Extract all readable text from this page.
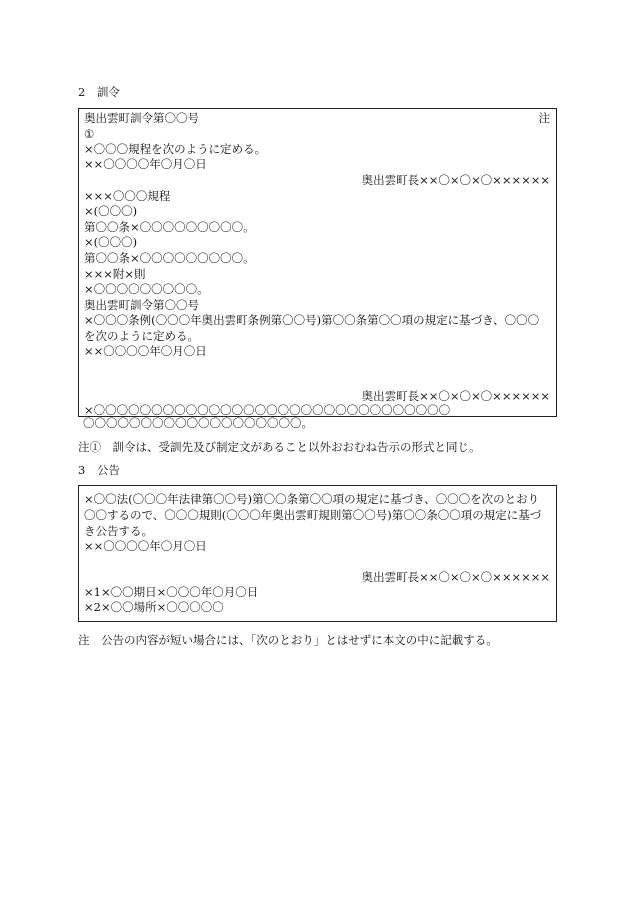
2　訓令
奥出雲町訓令第〇〇号	注
①
×〇〇〇規程を次のように定める。
××〇〇〇〇年〇月〇日
奥出雲町長××〇×〇×〇××××××
×××〇〇〇規程
×(〇〇〇)
第〇〇条×〇〇〇〇〇〇〇〇〇。
×(〇〇〇)
第〇〇条×〇〇〇〇〇〇〇〇〇。
×××附×則
×〇〇〇〇〇〇〇〇〇。
奥出雲町訓令第〇〇号
×〇〇〇条例(〇〇〇年奥出雲町条例第〇〇号)第〇〇条第〇〇項の規定に基づき、〇〇〇
を次のように定める。
××〇〇〇〇年〇月〇日
奥出雲町長××〇×〇×〇××××××
×〇〇〇〇〇〇〇〇〇〇〇〇〇〇〇〇〇〇〇〇〇〇〇〇〇〇〇〇〇〇〇
〇〇〇〇〇〇〇〇〇〇〇〇〇〇〇〇〇〇〇。
注①　訓令は、受訓先及び制定文があること以外おおむね告示の形式と同じ。
3　公告
×〇〇法(〇〇〇年法律第〇〇号)第〇〇条第〇〇項の規定に基づき、〇〇〇を次のとおり
〇〇するので、〇〇〇規則(〇〇〇年奥出雲町規則第〇〇号)第〇〇条〇〇項の規定に基づ
き公告する。
××〇〇〇〇年〇月〇日
奥出雲町長××〇×〇×〇××××××
×1×〇〇期日×〇〇〇年〇月〇日
×2×〇〇場所×〇〇〇〇〇
注　公告の内容が短い場合には、「次のとおり」とはせずに本文の中に記載する。
